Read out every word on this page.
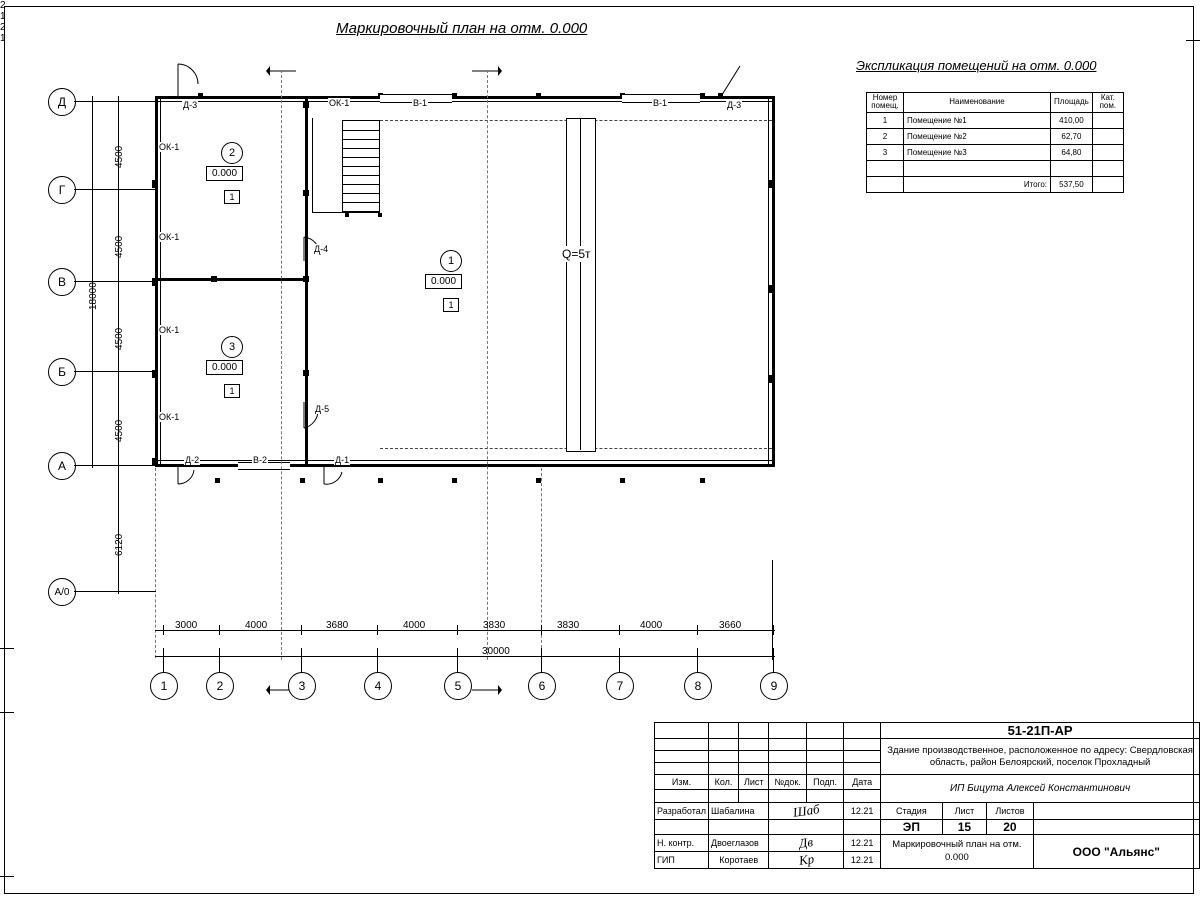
Маркировочный план на отм. 0.000
Экспликация помещений на отм. 0.000
Q=5т
Д-3	ОК-1	В-1	В-1	Д-3
ОК-1
ОК-1
ОК-1
ОК-1
Д-4
Д-5
Д-2	В-2	Д-1
2
0.000
1
3
0.000
1
1
0.000
1
2
1
2
1
Д
Г
В
Б
А
А/0
4500
4500
4500
4500
6120
18000
1	2	3	4	5	6	7	8	9
3000	4000	3680	4000	3830	3830	4000	3660
30000
Номер помещ.	Наименование	Площадь	Кат. пом.
1	Помещение №1	410,00	
2	Помещение №2	62,70	
3	Помещение №3	64,80	

	Итого:	537,50	
						51-21П-АР			
						Здание производственное, расположенное по адресу: Свердловская область, район Белоярский, поселок Прохладный			

Изм.	Кол.	Лист	№док.	Подп.	Дата	ИП Бицута Алексей Константинович			

Разработал	Шабалина		Шаб		12.21	Стадия	Лист	Листов	
						ЭП	15	20	
Н. контр.	Двоеглазов		Дв		12.21	Маркировочный план на отм. 0.000			ООО "Альянс"
ГИП	Коротаев		Кр		12.21				
